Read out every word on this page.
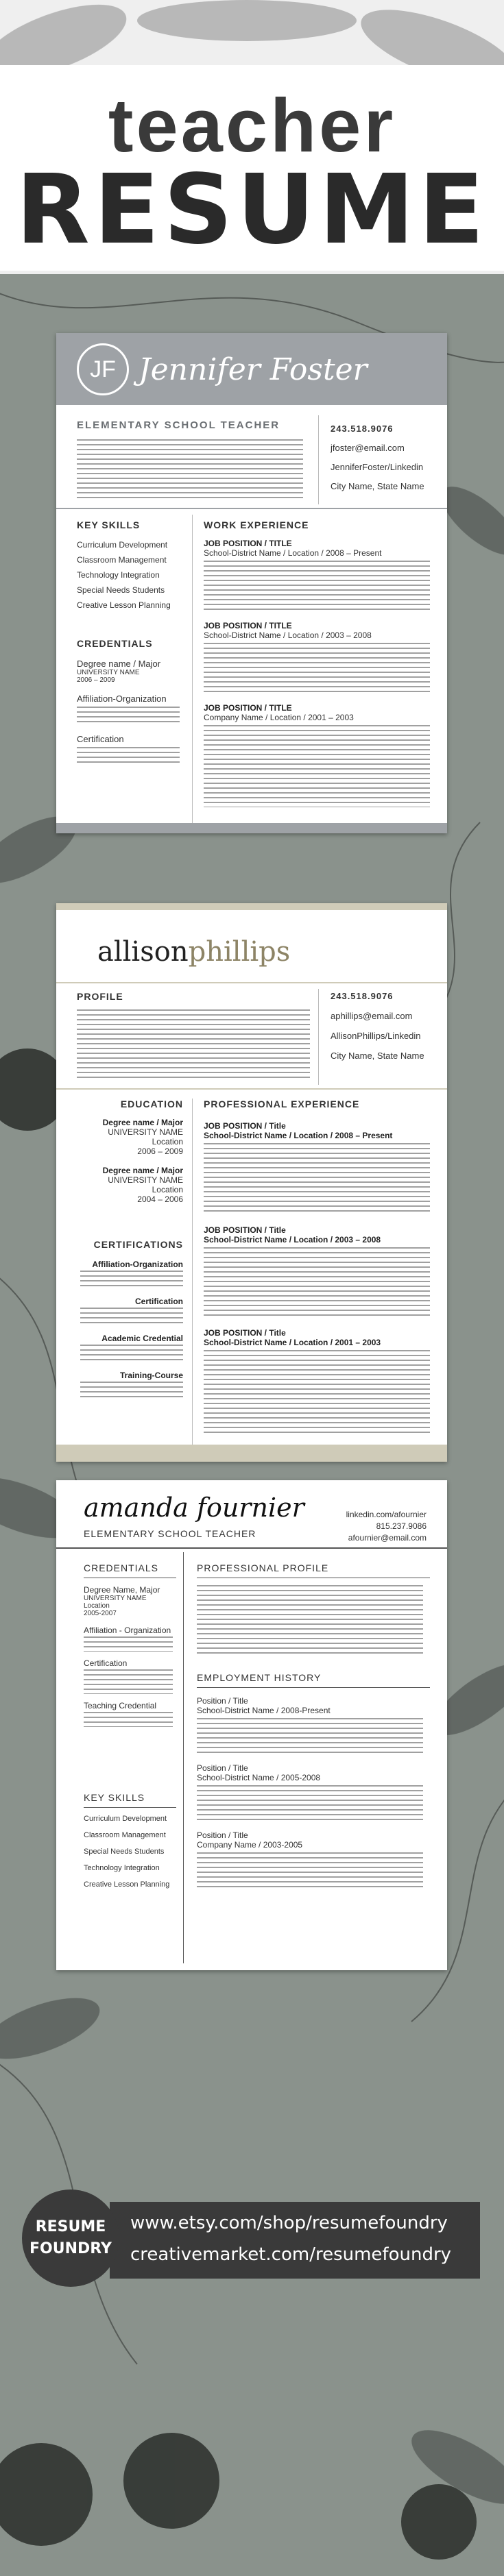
teacher
RESUME
JF Jennifer Foster
ELEMENTARY SCHOOL TEACHER	243.518.9076
jfoster@email.com
JenniferFoster/Linkedin
City Name, State Name
KEY SKILLS
Curriculum Development
Classroom Management
Technology Integration
Special Needs Students
Creative Lesson Planning
CREDENTIALS
Degree name / Major
UNIVERSITY NAME
2006 – 2009
Affiliation-Organization
Certification
WORK EXPERIENCE
JOB POSITION / TITLE
School-District Name / Location / 2008 – Present
JOB POSITION / TITLE
School-District Name / Location / 2003 – 2008
JOB POSITION / TITLE
Company Name / Location / 2001 – 2003
allisonphillips
PROFILE	243.518.9076
aphillips@email.com
AllisonPhillips/Linkedin
City Name, State Name
EDUCATION
Degree name / Major
UNIVERSITY NAME
Location
2006 – 2009
Degree name / Major
UNIVERSITY NAME
Location
2004 – 2006
CERTIFICATIONS
Affiliation-Organization
Certification
Academic Credential
Training-Course
PROFESSIONAL EXPERIENCE
JOB POSITION / Title
School-District Name / Location / 2008 – Present
JOB POSITION / Title
School-District Name / Location / 2003 – 2008
JOB POSITION / Title
School-District Name / Location / 2001 – 2003
amanda fournier
ELEMENTARY SCHOOL TEACHER
linkedin.com/afournier
815.237.9086
afournier@email.com
CREDENTIALS
Degree Name, Major
UNIVERSITY NAME
Location
2005-2007
Affiliation - Organization
Certification
Teaching Credential
KEY SKILLS
Curriculum Development
Classroom Management
Special Needs Students
Technology Integration
Creative Lesson Planning
PROFESSIONAL PROFILE
EMPLOYMENT HISTORY
Position / Title
School-District Name / 2008-Present
Position / Title
School-District Name / 2005-2008
Position / Title
Company Name / 2003-2005
RESUME
FOUNDRY
www.etsy.com/shop/resumefoundry
creativemarket.com/resumefoundry
